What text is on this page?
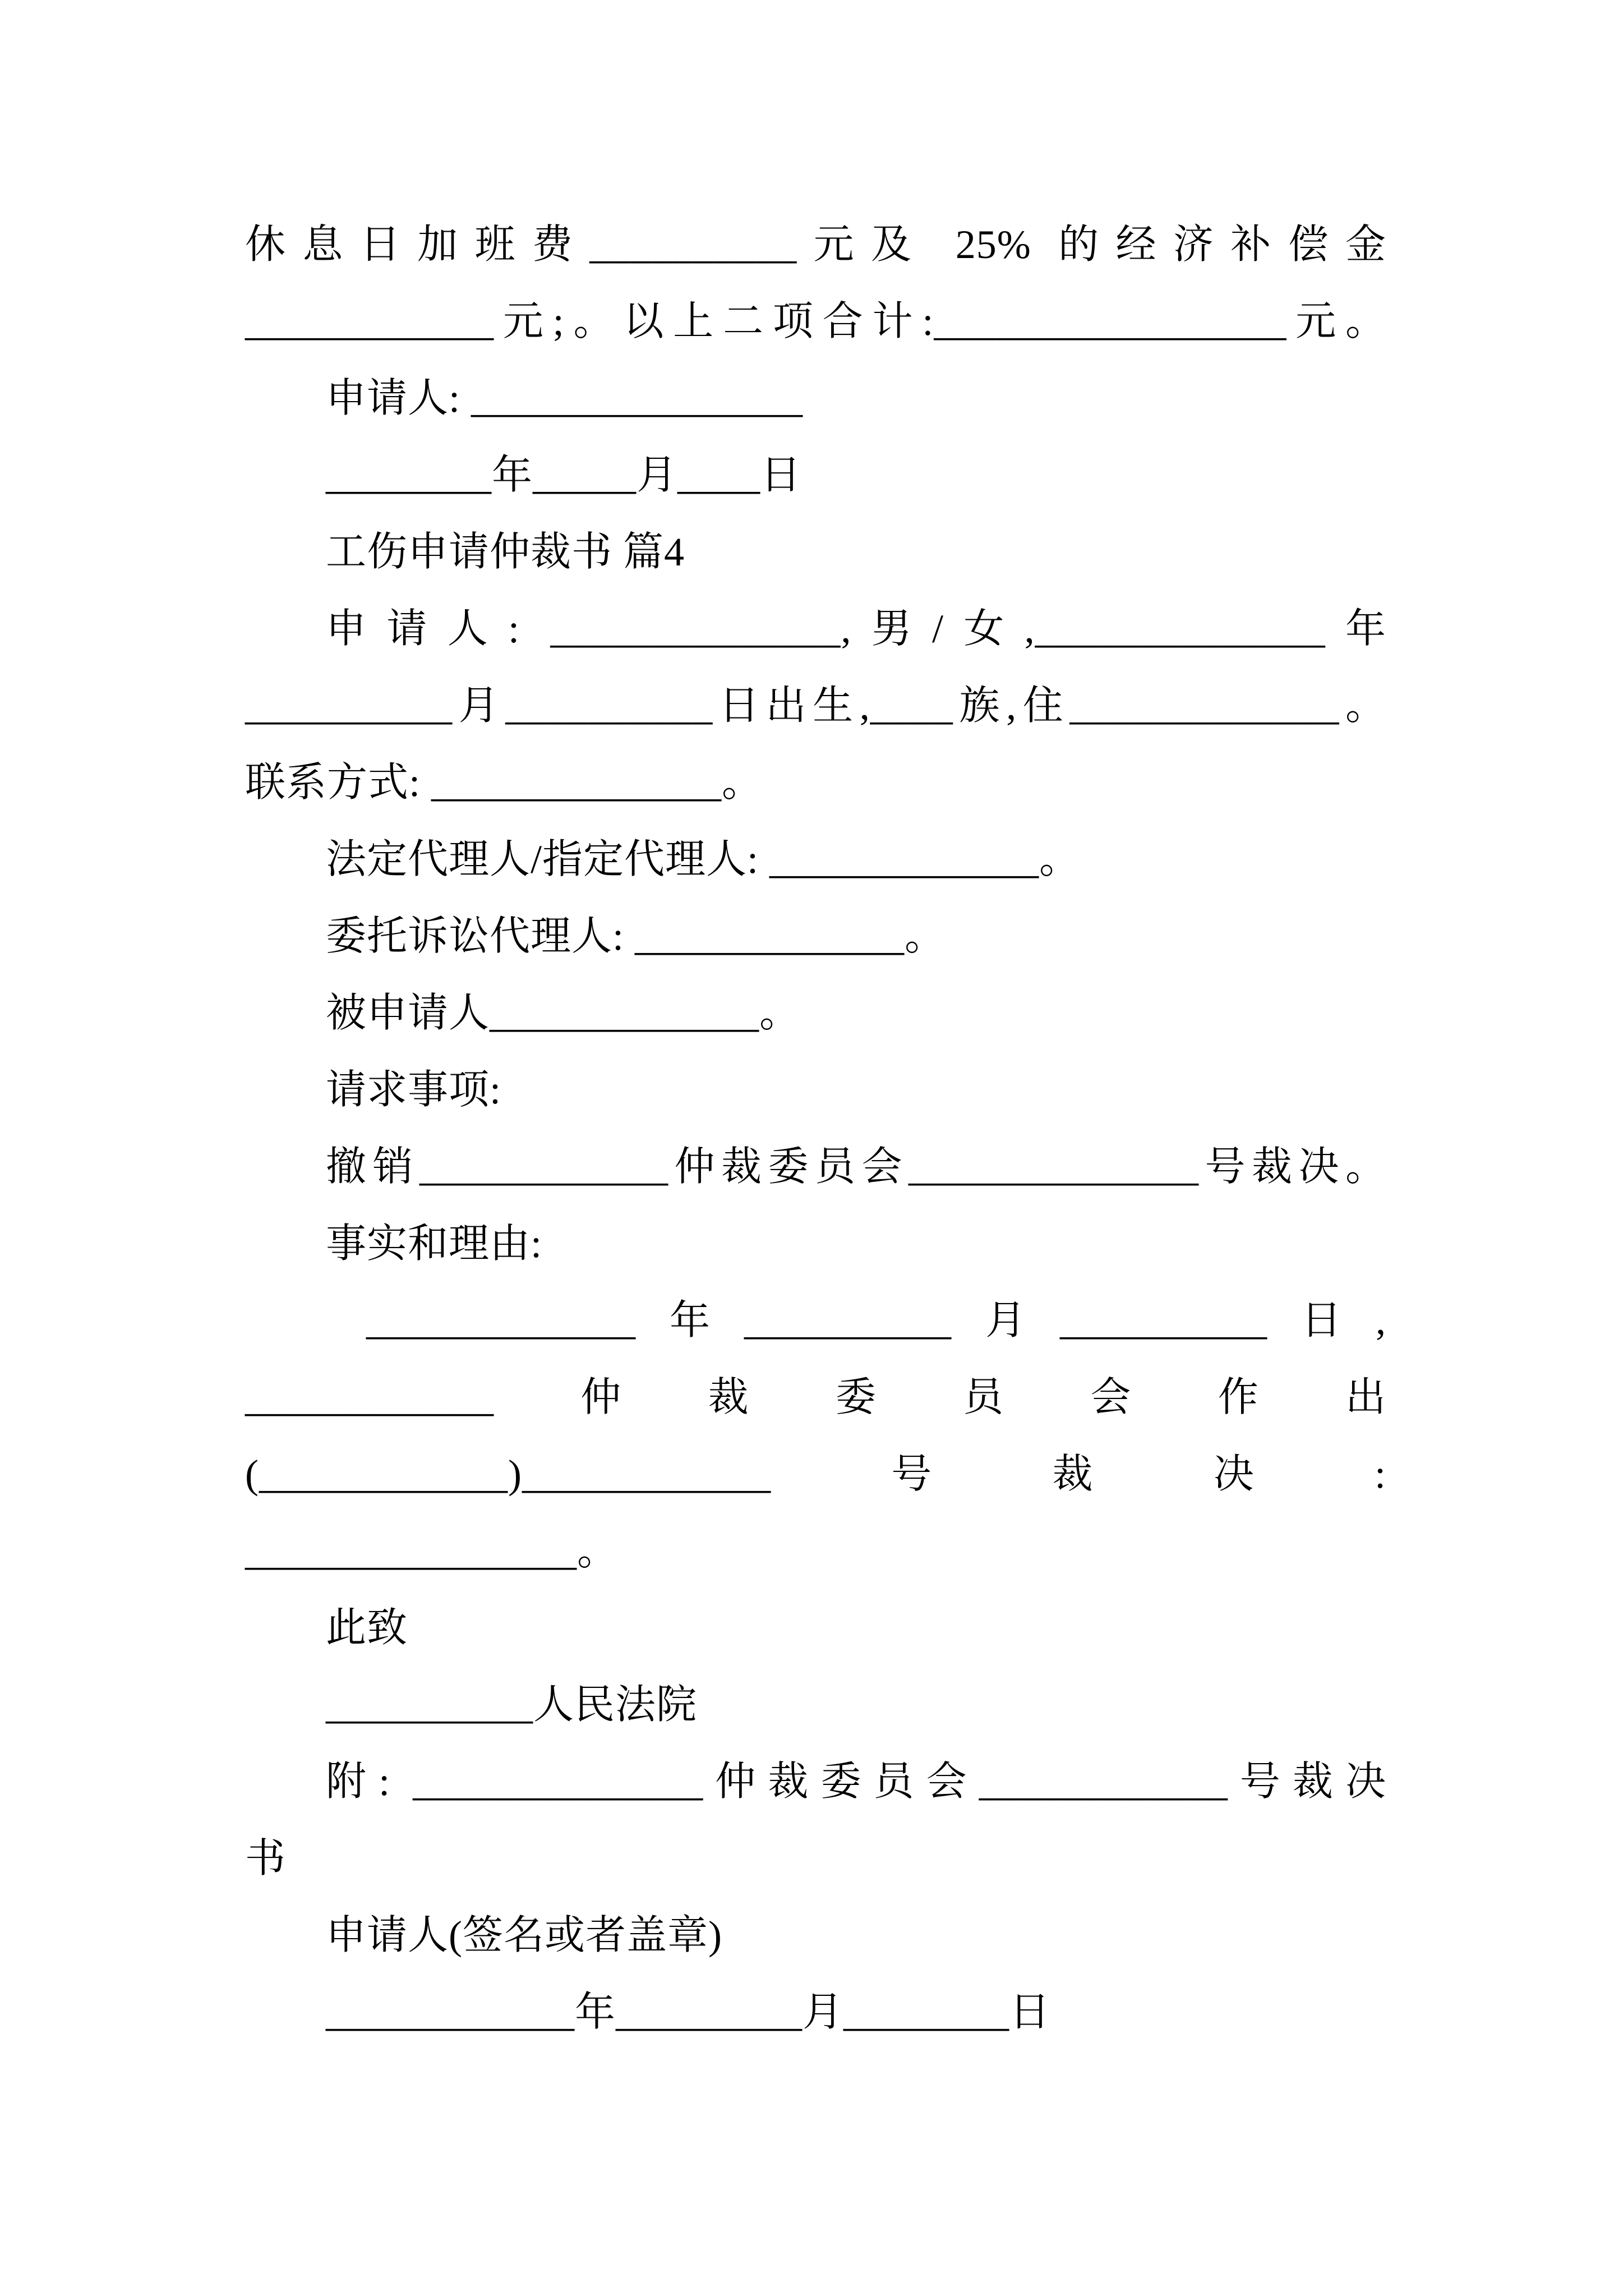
休息日加班费__________元及 25% 的经济补偿金
____________元;。以上二项合计:_________________元。
申请人: ________________
________年_____月____日
工伤申请仲裁书 篇4
申请人: ______________,男/女,______________年
__________月__________日出生,____族,住_____________。
联系方式: ______________。
法定代理人/指定代理人: _____________。
委托诉讼代理人: _____________。
被申请人_____________。
请求事项:
撤销____________仲裁委员会______________号裁决。
事实和理由:
_____________年__________月__________日,
____________仲裁委员会作出
(____________)____________号裁决:
________________。
此致
__________人民法院
附: ______________仲裁委员会____________号裁决
书
申请人(签名或者盖章)
____________年_________月________日
